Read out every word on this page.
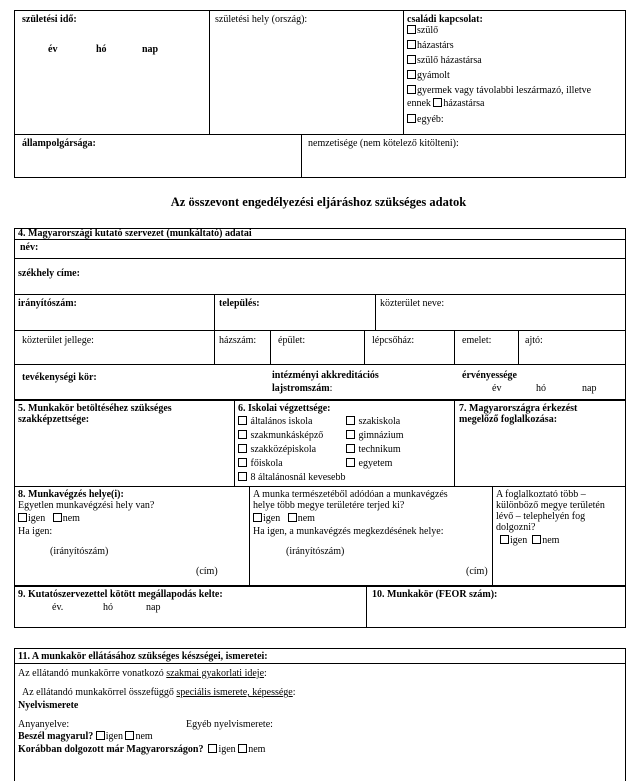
születési idő:
év	hó	nap
születési hely (ország):	családi kapcsolat:
szülő
házastárs
szülő házastársa
gyámolt
gyermek vagy távolabbi leszármazó, illetve
ennek házastársa
egyéb:
állampolgársága:	nemzetisége (nem kötelező kitölteni):
Az összevont engedélyezési eljáráshoz szükséges adatok
4. Magyarországi kutató szervezet (munkáltató) adatai
név:
székhely címe:
irányítószám:	település:	közterület neve:
közterület jellege:	házszám: épület:	lépcsőház:	emelet:	ajtó:
tevékenységi kör:	intézményi akkreditációs
lajstromszám:
érvényessége
év	hó	nap
5. Munkakör betöltéséhez szükséges
szakképzettsége:
6. Iskolai végzettsége:
általános iskola	szakiskola
szakmunkásképző	gimnázium
szakközépiskola	technikum
főiskola	egyetem
8 általánosnál kevesebb
7. Magyarországra érkezést
megelőző foglalkozása:
8. Munkavégzés helye(i):
Egyetlen munkavégzési hely van?
igen nem
Ha igen:
(irányítószám)
(cím)
A munka természetéből adódóan a munkavégzés
helye több megye területére terjed ki?
igen nem
Ha igen, a munkavégzés megkezdésének helye:
(irányítószám)
(cím)
A foglalkoztató több –
különböző megye területén
lévő – telephelyén fog
dolgozni?
igen nem
9. Kutatószervezettel kötött megállapodás kelte:
év.	hó	nap
10. Munkakör (FEOR szám):
11. A munkakör ellátásához szükséges készségei, ismeretei:
Az ellátandó munkakörre vonatkozó szakmai gyakorlati ideje:
Az ellátandó munkakörrel összefüggő speciális ismerete, képessége:
Nyelvismerete
Anyanyelve:	Egyéb nyelvismerete:
Beszél magyarul? igen nem
Korábban dolgozott már Magyarországon? igen nem
